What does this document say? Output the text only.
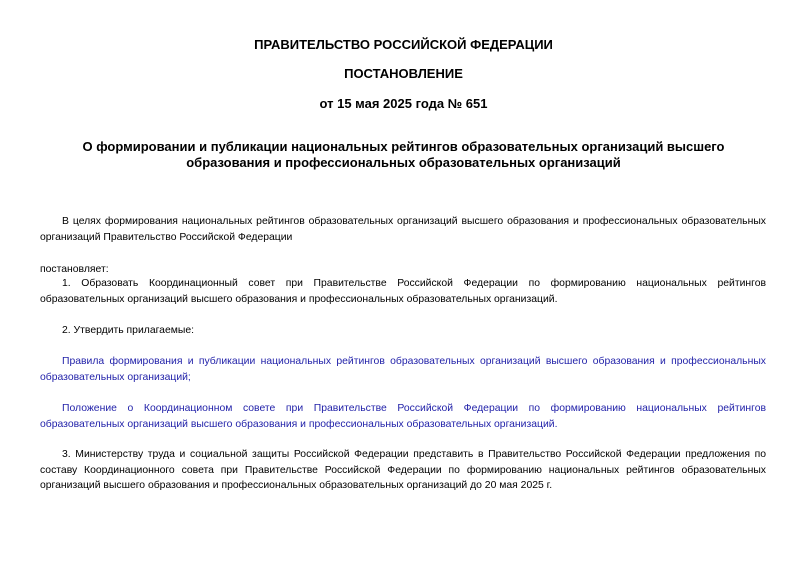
ПРАВИТЕЛЬСТВО РОССИЙСКОЙ ФЕДЕРАЦИИ
ПОСТАНОВЛЕНИЕ
от 15 мая 2025 года № 651
О формировании и публикации национальных рейтингов образовательных организаций высшего образования и профессиональных образовательных организаций

В целях формирования национальных рейтингов образовательных организаций высшего образования и профессиональных образовательных организаций Правительство Российской Федерации

постановляет:

1. Образовать Координационный совет при Правительстве Российской Федерации по формированию национальных рейтингов образовательных организаций высшего образования и профессиональных образовательных организаций.

2. Утвердить прилагаемые:

Правила формирования и публикации национальных рейтингов образовательных организаций высшего образования и профессиональных образовательных организаций;

Положение о Координационном совете при Правительстве Российской Федерации по формированию национальных рейтингов образовательных организаций высшего образования и профессиональных образовательных организаций.

3. Министерству труда и социальной защиты Российской Федерации представить в Правительство Российской Федерации предложения по составу Координационного совета при Правительстве Российской Федерации по формированию национальных рейтингов образовательных организаций высшего образования и профессиональных образовательных организаций до 20 мая 2025 г.
